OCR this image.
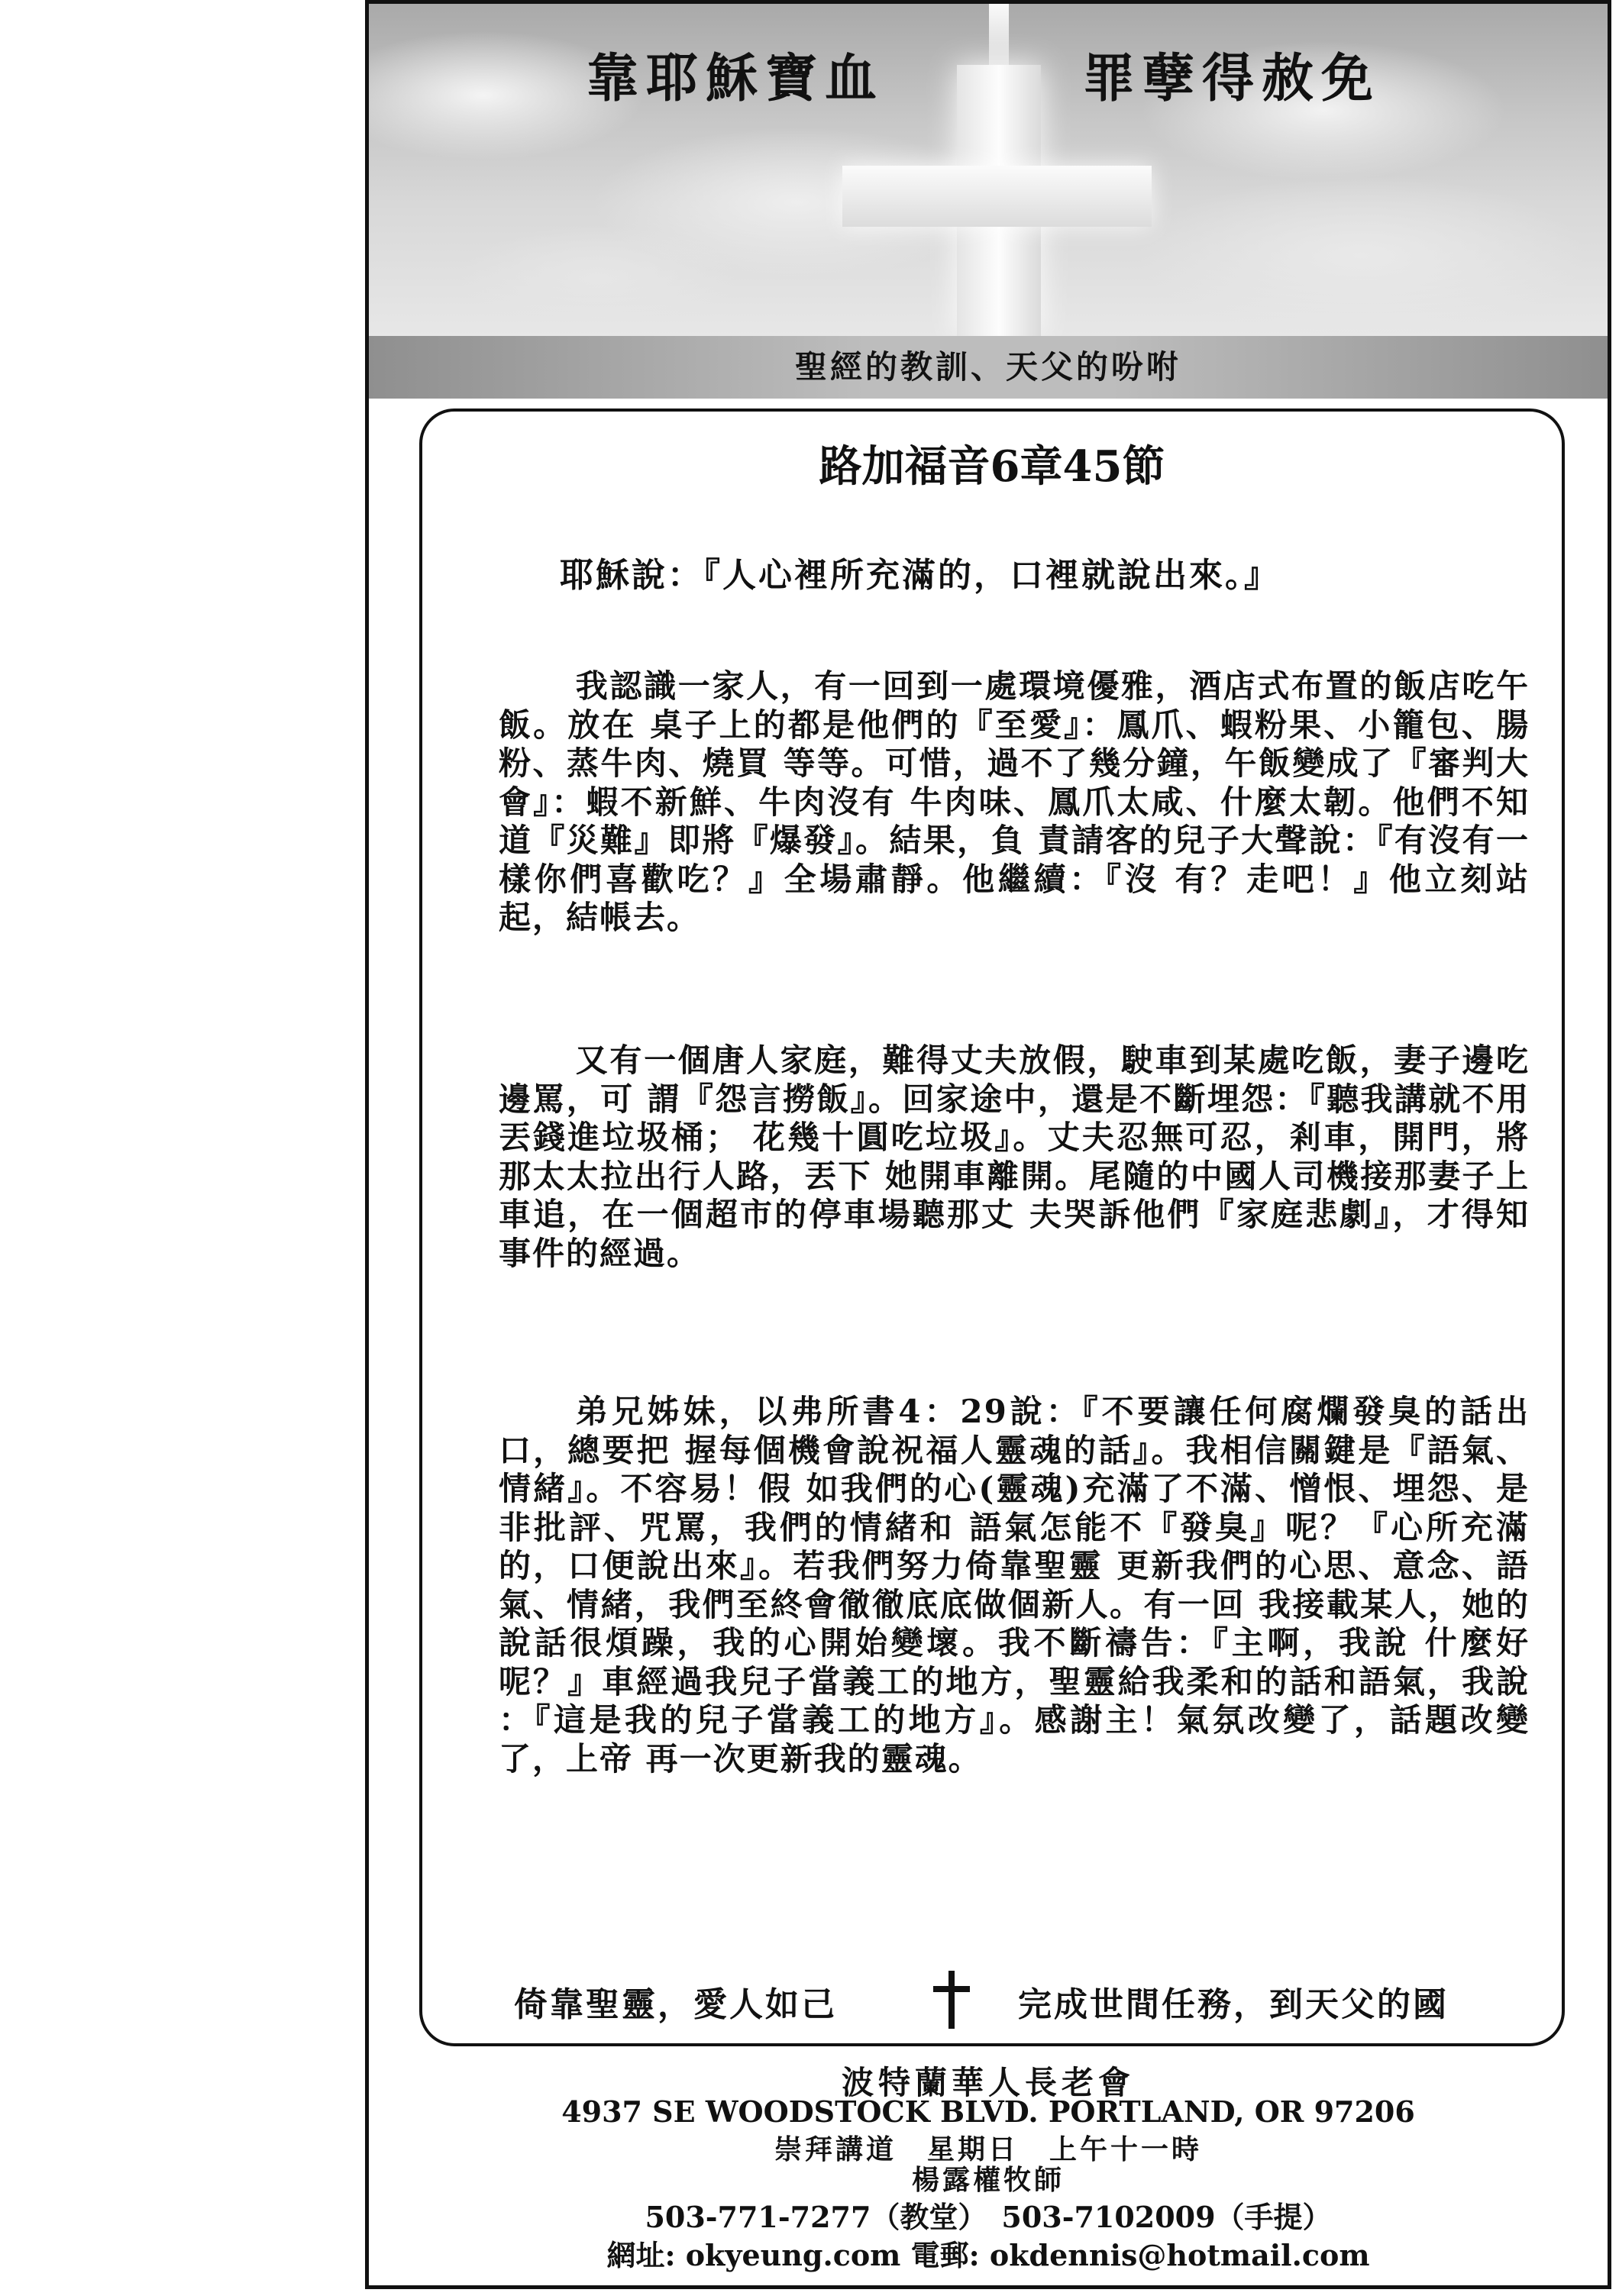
靠耶穌寶血	罪孽得赦免
聖經的教訓、天父的吩咐
路加福音6章45節
耶穌說：『人心裡所充滿的，口裡就說出來。』
我認識一家人，有一回到一處環境優雅，酒店式布置的飯店吃午飯。放在 桌子上的都是他們的『至愛』：鳳爪、蝦粉果、小籠包、腸粉、蒸牛肉、燒買 等等。可惜，過不了幾分鐘，午飯變成了『審判大會』：蝦不新鮮、牛肉沒有 牛肉味、鳳爪太咸、什麼太韌。他們不知道『災難』即將『爆發』。結果，負 責請客的兒子大聲說：『有沒有一樣你們喜歡吃？』全場肅靜。他繼續：『沒 有？走吧！』他立刻站起，結帳去。
又有一個唐人家庭，難得丈夫放假，駛車到某處吃飯，妻子邊吃邊罵，可 謂『怨言撈飯』。回家途中，還是不斷埋怨：『聽我講就不用丟錢進垃圾桶； 花幾十圓吃垃圾』。丈夫忍無可忍，剎車，開門，將那太太拉出行人路，丟下 她開車離開。尾隨的中國人司機接那妻子上車追，在一個超市的停車場聽那丈 夫哭訴他們『家庭悲劇』，才得知事件的經過。
弟兄姊妹，以弗所書4：29說：『不要讓任何腐爛發臭的話出口，總要把 握每個機會說祝福人靈魂的話』。我相信關鍵是『語氣、情緒』。不容易！假 如我們的心(靈魂)充滿了不滿、憎恨、埋怨、是非批評、咒罵，我們的情緒和 語氣怎能不『發臭』呢？『心所充滿的，口便說出來』。若我們努力倚靠聖靈 更新我們的心思、意念、語氣、情緒，我們至終會徹徹底底做個新人。有一回 我接載某人，她的說話很煩躁，我的心開始變壞。我不斷禱告：『主啊，我說 什麼好呢？』車經過我兒子當義工的地方，聖靈給我柔和的話和語氣，我說 ：『這是我的兒子當義工的地方』。感謝主！氣氛改變了，話題改變了，上帝 再一次更新我的靈魂。
倚靠聖靈，愛人如己	完成世間任務，到天父的國
波特蘭華人長老會
4937 SE WOODSTOCK BLVD. PORTLAND, OR 97206
崇拜講道　星期日　上午十一時
楊露權牧師
503-771-7277（教堂）　503-7102009（手提）
網址: okyeung.com 電郵: okdennis@hotmail.com
